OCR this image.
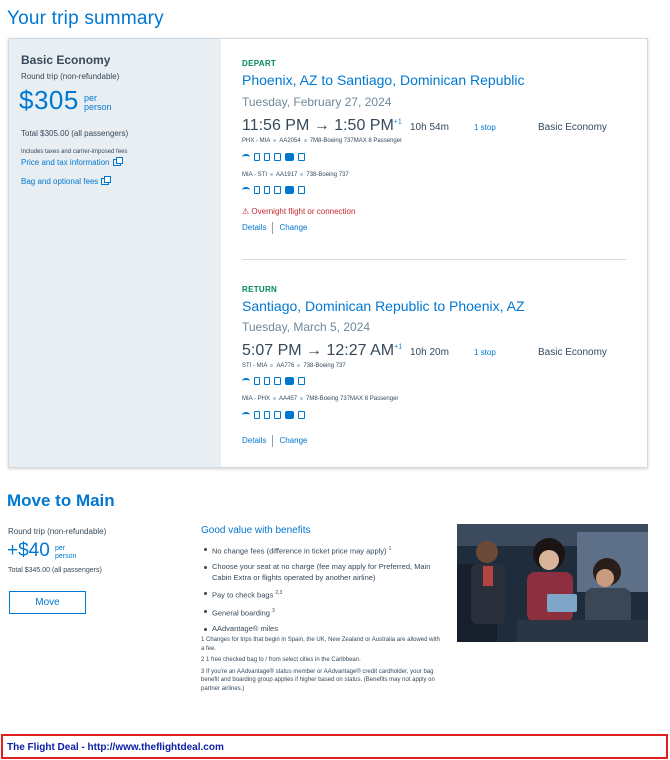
Your trip summary
Basic Economy
Round trip (non-refundable)
$305 per
person
Total $305.00 (all passengers)
Includes taxes and carrier-imposed fees
Price and tax information
Bag and optional fees
DEPART
Phoenix, AZ to Santiago, Dominican Republic
Tuesday, February 27, 2024
11:56 PM → 1:50 $PM^{+1}$ 10h 54m	1 stop	Basic Economy
PHX - MIA AA2054 7M8-Boeing 737MAX 8 Passenger
MIA - STI AA1917 738-Boeing 737
⚠ Overnight flight or connection
Details Change
RETURN
Santiago, Dominican Republic to Phoenix, AZ
Tuesday, March 5, 2024
5:07 PM → 12:27 $AM^{+1}$ 10h 20m	1 stop	Basic Economy
STI - MIA AA776 738-Boeing 737
MIA - PHX AA457 7M8-Boeing 737MAX 8 Passenger
Details Change
Move to Main
Round trip (non-refundable)
+$40 per
person
Total $345.00 (all passengers)
Move
Good value with benefits
No change fees (difference in ticket price may apply) $^1$
Choose your seat at no charge (fee may apply for Preferred, Main Cabin Extra or flights operated by another airline)
Pay to check bags $^{2,3}$
General boarding $^3$
AAdvantage® miles

1 Changes for trips that begin in Spain, the UK, New Zealand or Australia are allowed with a fee.

2 1 free checked bag to / from select cities in the Caribbean.

3 If you're an AAdvantage® status member or AAdvantage® credit cardholder, your bag benefit and boarding group applies if higher based on status. (Benefits may not apply on partner airlines.)

The Flight Deal - http://www.theflightdeal.com
